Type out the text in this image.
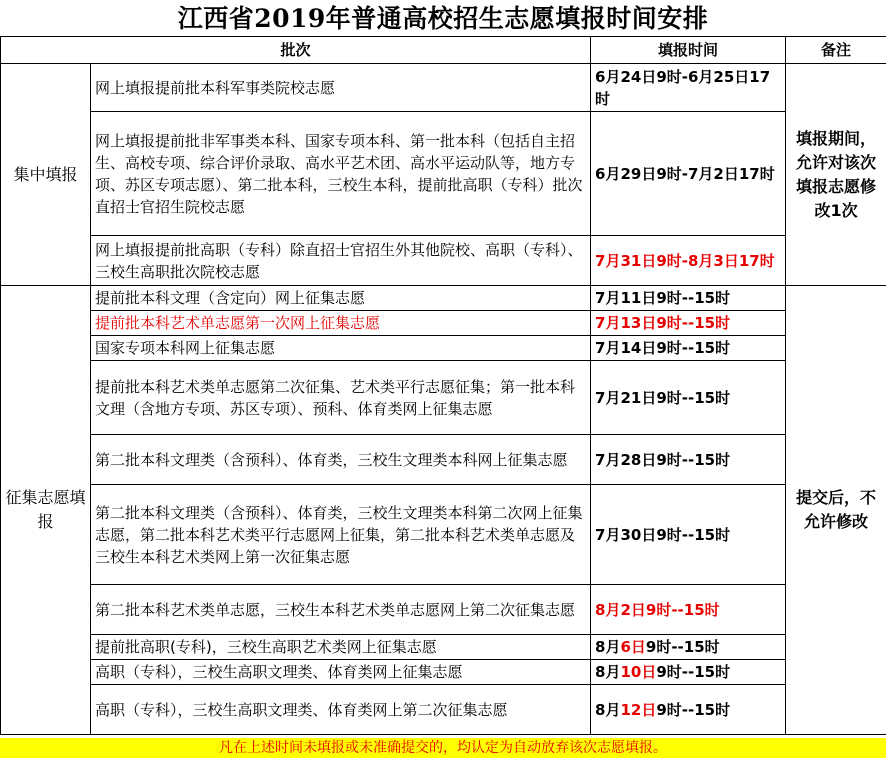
江西省2019年普通高校招生志愿填报时间安排
批次		填报时间	备注
集中填报	网上填报提前批本科军事类院校志愿	6月24日9时-6月25日17时	填报期间，允许对该次填报志愿修改1次
	网上填报提前批非军事类本科、国家专项本科、第一批本科（包括自主招生、高校专项、综合评价录取、高水平艺术团、高水平运动队等，地方专项、苏区专项志愿）、第二批本科，三校生本科，提前批高职（专科）批次直招士官招生院校志愿	6月29日9时-7月2日17时	
	网上填报提前批高职（专科）除直招士官招生外其他院校、高职（专科）、三校生高职批次院校志愿	7月31日9时-8月3日17时	
征集志愿填报	提前批本科文理（含定向）网上征集志愿	7月11日9时--15时	提交后，不允许修改
	提前批本科艺术单志愿第一次网上征集志愿	7月13日9时--15时	
	国家专项本科网上征集志愿	7月14日9时--15时	
	提前批本科艺术类单志愿第二次征集、艺术类平行志愿征集；第一批本科文理（含地方专项、苏区专项）、预科、体育类网上征集志愿	7月21日9时--15时	
	第二批本科文理类（含预科）、体育类，三校生文理类本科网上征集志愿	7月28日9时--15时	
	第二批本科文理类（含预科）、体育类，三校生文理类本科第二次网上征集志愿，第二批本科艺术类平行志愿网上征集，第二批本科艺术类单志愿及三校生本科艺术类网上第一次征集志愿	7月30日9时--15时	
	第二批本科艺术类单志愿，三校生本科艺术类单志愿网上第二次征集志愿	8月2日9时--15时	
	提前批高职(专科)，三校生高职艺术类网上征集志愿	8月6日9时--15时	
	高职（专科），三校生高职文理类、体育类网上征集志愿	8月10日9时--15时	
	高职（专科），三校生高职文理类、体育类网上第二次征集志愿	8月12日9时--15时	
凡在上述时间未填报或未准确提交的，均认定为自动放弃该次志愿填报。
